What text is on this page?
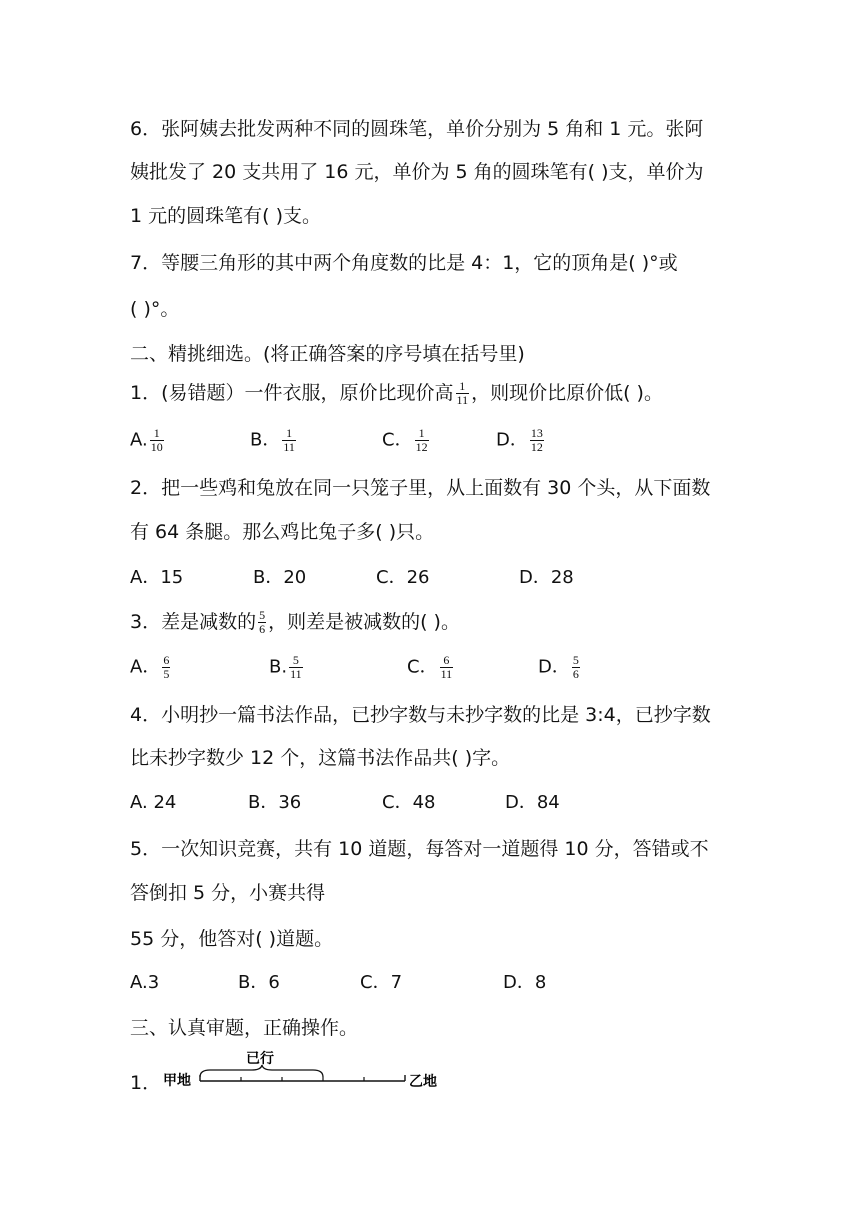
6．张阿姨去批发两种不同的圆珠笔，单价分别为 5 角和 1 元。张阿
姨批发了 20 支共用了 16 元，单价为 5 角的圆珠笔有( )支，单价为
1 元的圆珠笔有( )支。
7．等腰三角形的其中两个角度数的比是 4：1，它的顶角是( )°或
( )°。
二、精挑细选。(将正确答案的序号填在括号里)
1．(易错题）一件衣服，原价比现价高 $\frac{1}{11}$ ，则现价比原价低( )。
A. $\frac{1}{10}$	B． $\frac{1}{11}$	C． $\frac{1}{12}$	D． $\frac{13}{12}$
2．把一些鸡和兔放在同一只笼子里，从上面数有 30 个头，从下面数
有 64 条腿。那么鸡比兔子多( )只。
A．15	B．20	C．26	D．28
3．差是减数的 $\frac{5}{6}$ ，则差是被减数的( )。
A． $\frac{6}{5}$	B. $\frac{5}{11}$	C． $\frac{6}{11}$	D． $\frac{5}{6}$
4．小明抄一篇书法作品，已抄字数与未抄字数的比是 3:4，已抄字数
比未抄字数少 12 个，这篇书法作品共( )字。
A. 24	B．36	C．48	D．84
5．一次知识竞赛，共有 10 道题，每答对一道题得 10 分，答错或不
答倒扣 5 分，小赛共得
55 分，他答对( )道题。
A.3	B．6	C．7	D．8
三、认真审题，正确操作。
1． 甲地	乙地
已行
